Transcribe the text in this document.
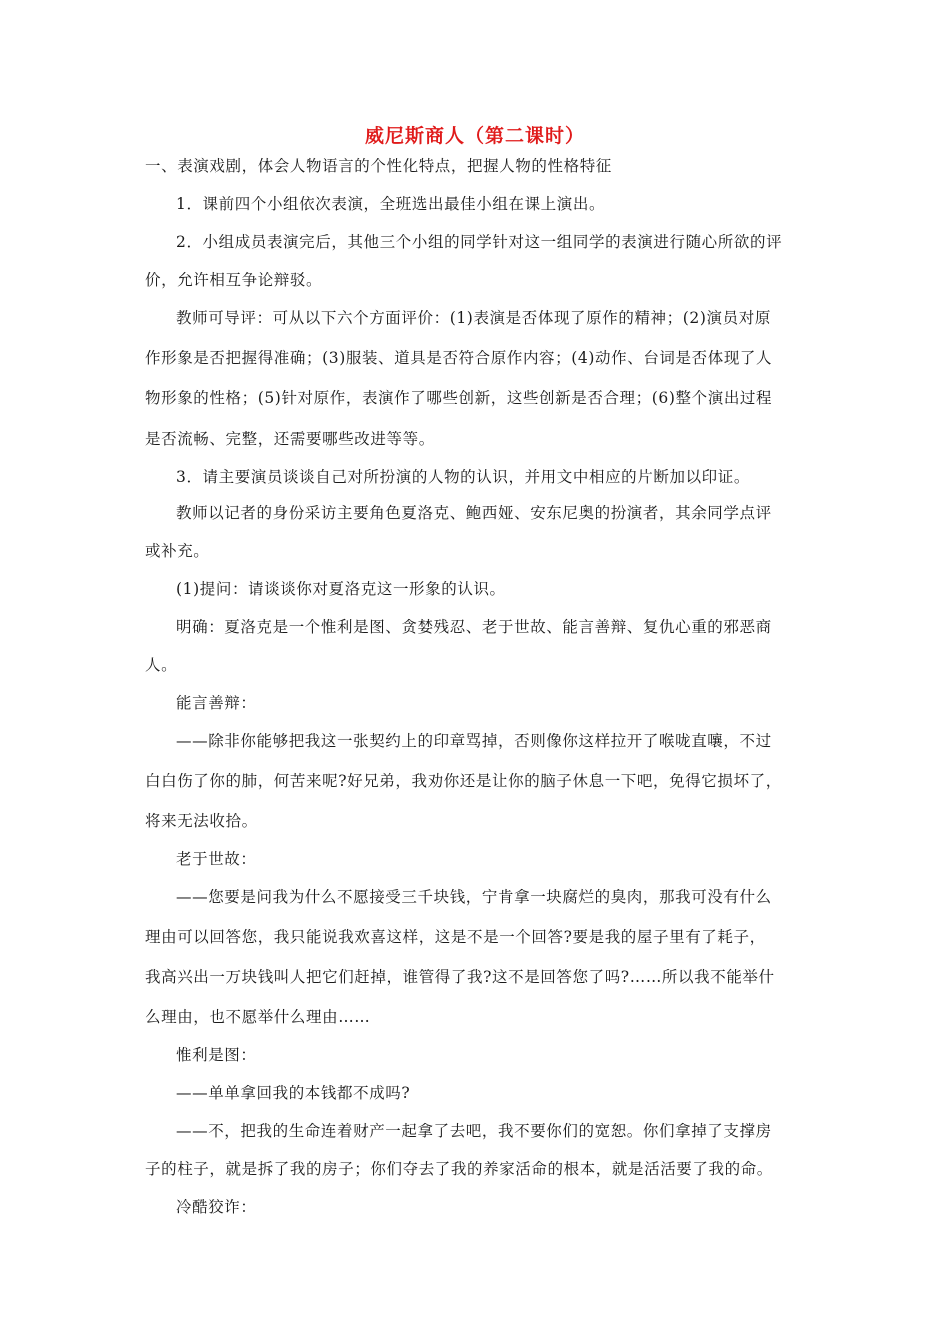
威尼斯商人（第二课时）
一、表演戏剧，体会人物语言的个性化特点，把握人物的性格特征
1．课前四个小组依次表演，全班选出最佳小组在课上演出。
2．小组成员表演完后，其他三个小组的同学针对这一组同学的表演进行随心所欲的评
价，允许相互争论辩驳。
教师可导评：可从以下六个方面评价：(1)表演是否体现了原作的精神；(2)演员对原
作形象是否把握得准确；(3)服装、道具是否符合原作内容；(4)动作、台词是否体现了人
物形象的性格；(5)针对原作，表演作了哪些创新，这些创新是否合理；(6)整个演出过程
是否流畅、完整，还需要哪些改进等等。
3．请主要演员谈谈自己对所扮演的人物的认识，并用文中相应的片断加以印证。
教师以记者的身份采访主要角色夏洛克、鲍西娅、安东尼奥的扮演者，其余同学点评
或补充。
(1)提问：请谈谈你对夏洛克这一形象的认识。
明确：夏洛克是一个惟利是图、贪婪残忍、老于世故、能言善辩、复仇心重的邪恶商
人。
能言善辩：
——除非你能够把我这一张契约上的印章骂掉，否则像你这样拉开了喉咙直嚷，不过
白白伤了你的肺，何苦来呢?好兄弟，我劝你还是让你的脑子休息一下吧，免得它损坏了，
将来无法收拾。
老于世故：
——您要是问我为什么不愿接受三千块钱，宁肯拿一块腐烂的臭肉，那我可没有什么
理由可以回答您，我只能说我欢喜这样，这是不是一个回答?要是我的屋子里有了耗子，
我高兴出一万块钱叫人把它们赶掉，谁管得了我?这不是回答您了吗?……所以我不能举什
么理由，也不愿举什么理由……
惟利是图：
——单单拿回我的本钱都不成吗?
——不，把我的生命连着财产一起拿了去吧，我不要你们的宽恕。你们拿掉了支撑房
子的柱子，就是拆了我的房子；你们夺去了我的养家活命的根本，就是活活要了我的命。
冷酷狡诈：
